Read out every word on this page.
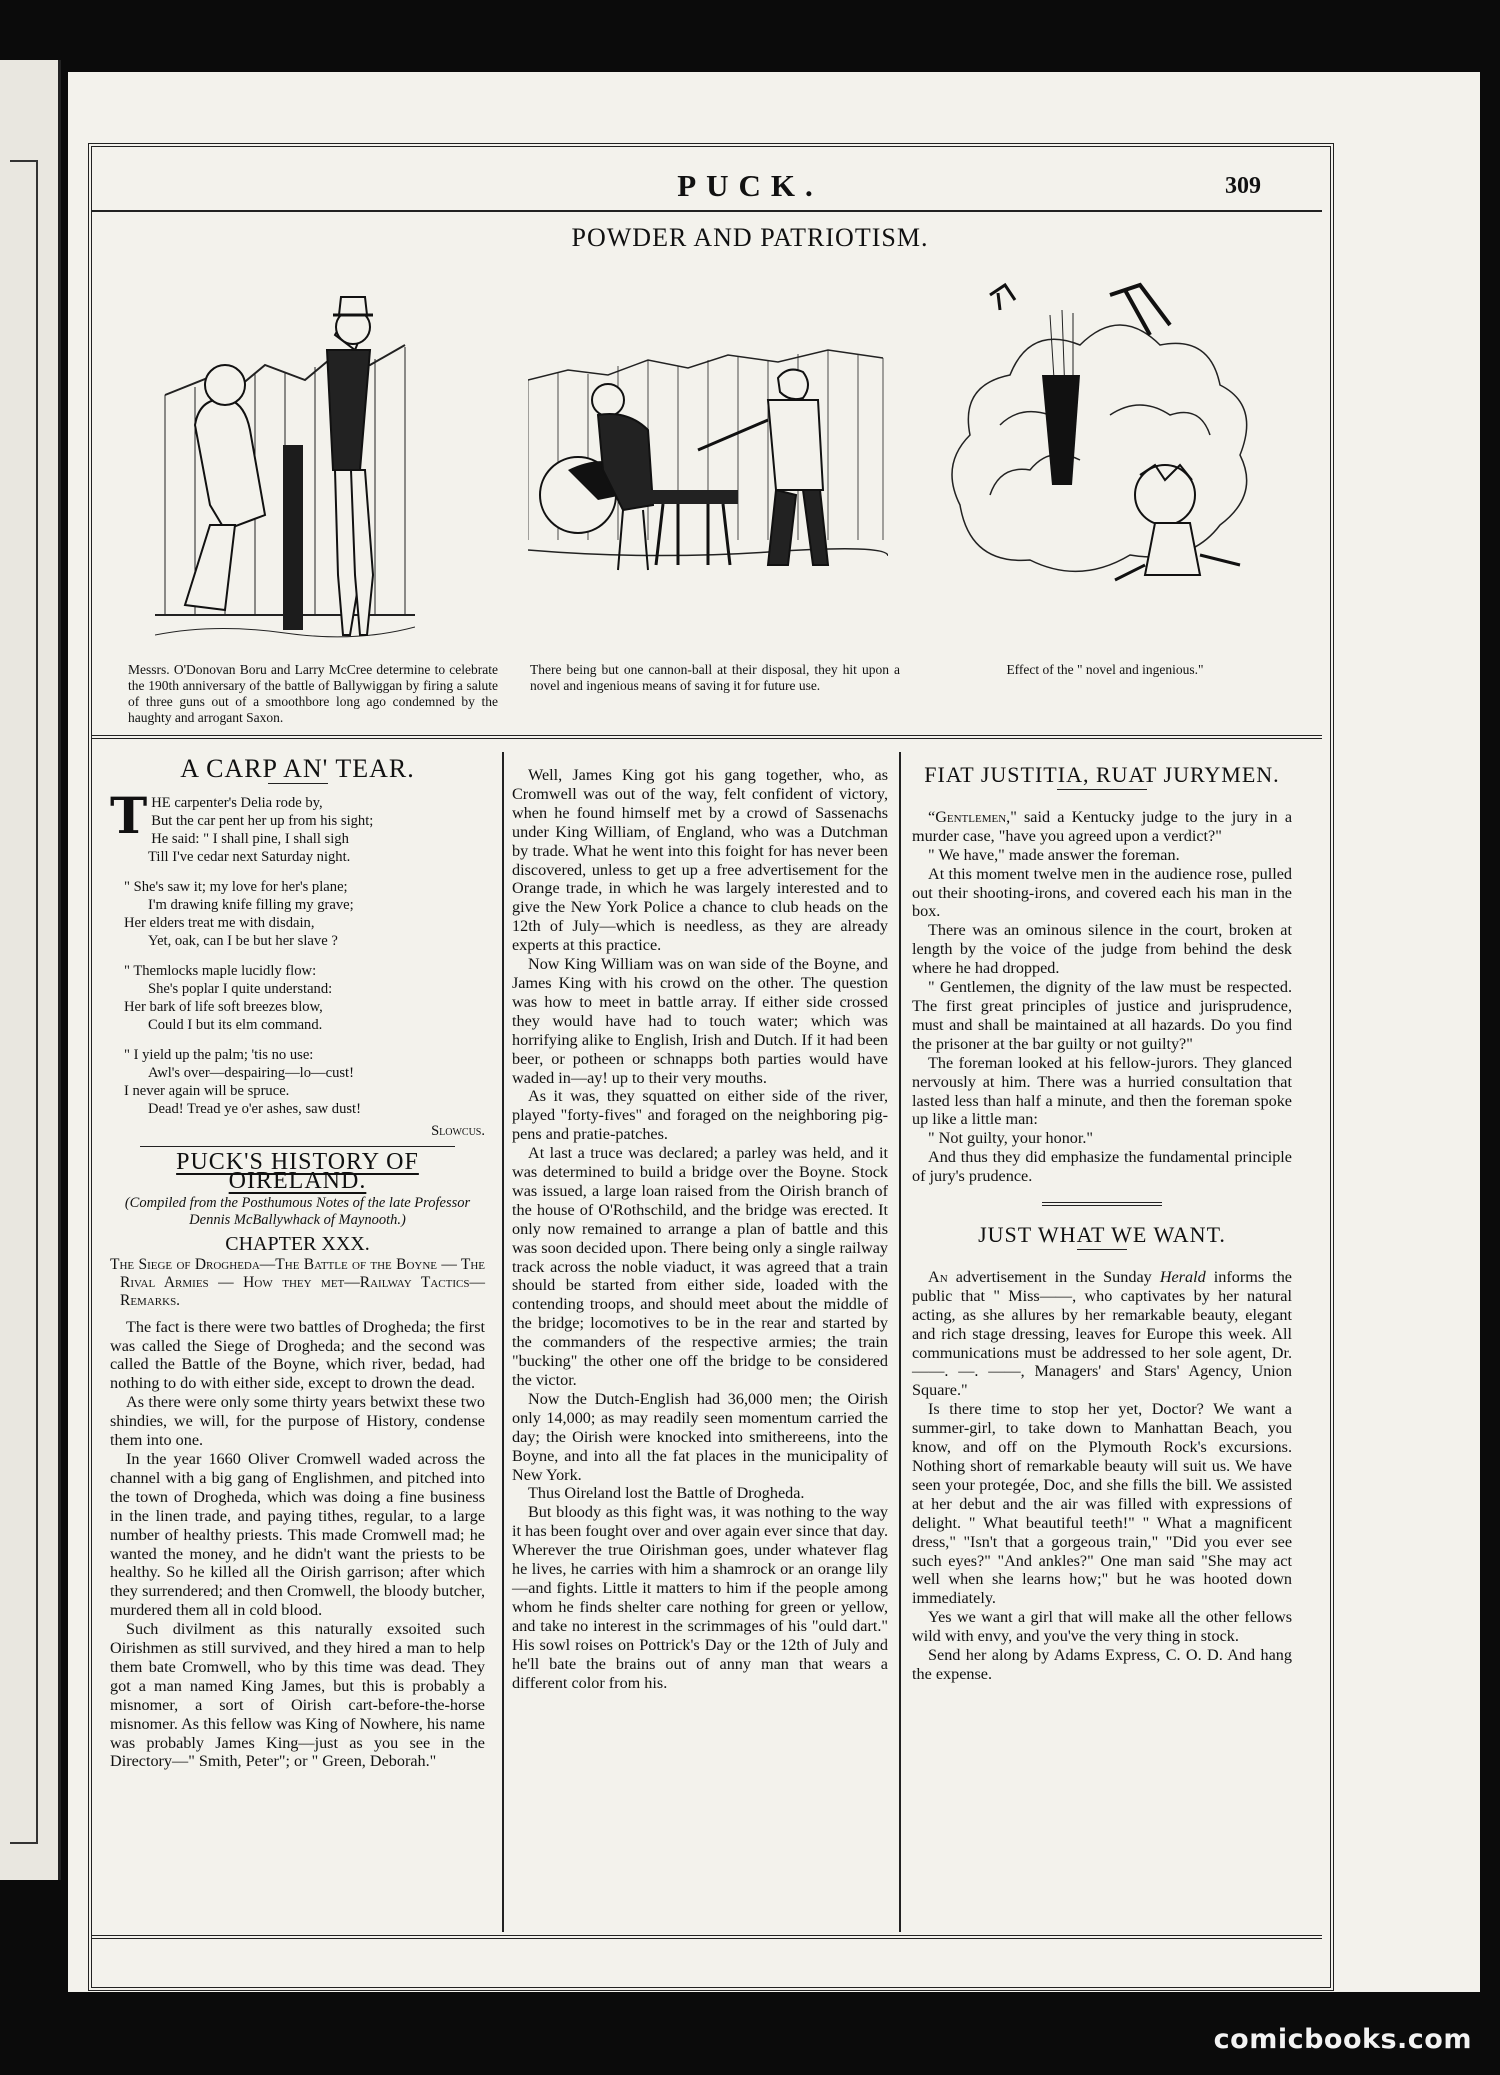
PUCK.	309
POWDER AND PATRIOTISM.
Messrs. O'Donovan Boru and Larry McCree determine to celebrate the 190th anniversary of the battle of Ballywiggan by firing a salute of three guns out of a smoothbore long ago condemned by the haughty and arrogant Saxon.
There being but one cannon-ball at their disposal, they hit upon a novel and ingenious means of saving it for future use.
Effect of the " novel and ingenious."
A CARP AN' TEAR.
T HE carpenter's Delia rode by,
But the car pent her up from his sight;
He said: " I shall pine, I shall sigh
Till I've cedar next Saturday night.
" She's saw it; my love for her's plane;
I'm drawing knife filling my grave;
Her elders treat me with disdain,
Yet, oak, can I be but her slave ?
" Themlocks maple lucidly flow:
She's poplar I quite understand:
Her bark of life soft breezes blow,
Could I but its elm command.
" I yield up the palm; 'tis no use:
Awl's over—despairing—lo—cust!
I never again will be spruce.
Dead! Tread ye o'er ashes, saw dust!
Slowcus.
PUCK'S HISTORY OF OIRELAND.
(Compiled from the Posthumous Notes of the late Professor Dennis McBallywhack of Maynooth.)
CHAPTER XXX.
The Siege of Drogheda—The Battle of the Boyne — The Rival Armies — How they met—Railway Tactics—Remarks.

The fact is there were two battles of Drogheda; the first was called the Siege of Drogheda; and the second was called the Battle of the Boyne, which river, bedad, had nothing to do with either side, except to drown the dead.

As there were only some thirty years betwixt these two shindies, we will, for the purpose of History, condense them into one.

In the year 1660 Oliver Cromwell waded across the channel with a big gang of Englishmen, and pitched into the town of Drogheda, which was doing a fine business in the linen trade, and paying tithes, regular, to a large number of healthy priests. This made Cromwell mad; he wanted the money, and he didn't want the priests to be healthy. So he killed all the Oirish garrison; after which they surrendered; and then Cromwell, the bloody butcher, murdered them all in cold blood.

Such divilment as this naturally exsoited such Oirishmen as still survived, and they hired a man to help them bate Cromwell, who by this time was dead. They got a man named King James, but this is probably a misnomer, a sort of Oirish cart-before-the-horse misnomer. As this fellow was King of Nowhere, his name was probably James King—just as you see in the Directory—" Smith, Peter"; or " Green, Deborah."

Well, James King got his gang together, who, as Cromwell was out of the way, felt confident of victory, when he found himself met by a crowd of Sassenachs under King William, of England, who was a Dutchman by trade. What he went into this foight for has never been discovered, unless to get up a free advertisement for the Orange trade, in which he was largely interested and to give the New York Police a chance to club heads on the 12th of July—which is needless, as they are already experts at this practice.

Now King William was on wan side of the Boyne, and James King with his crowd on the other. The question was how to meet in battle array. If either side crossed they would have had to touch water; which was horrifying alike to English, Irish and Dutch. If it had been beer, or potheen or schnapps both parties would have waded in—ay! up to their very mouths.

As it was, they squatted on either side of the river, played "forty-fives" and foraged on the neighboring pig-pens and pratie-patches.

At last a truce was declared; a parley was held, and it was determined to build a bridge over the Boyne. Stock was issued, a large loan raised from the Oirish branch of the house of O'Rothschild, and the bridge was erected. It only now remained to arrange a plan of battle and this was soon decided upon. There being only a single railway track across the noble viaduct, it was agreed that a train should be started from either side, loaded with the contending troops, and should meet about the middle of the bridge; locomotives to be in the rear and started by the commanders of the respective armies; the train "bucking" the other one off the bridge to be considered the victor.

Now the Dutch-English had 36,000 men; the Oirish only 14,000; as may readily seen momentum carried the day; the Oirish were knocked into smithereens, into the Boyne, and into all the fat places in the municipality of New York.

Thus Oireland lost the Battle of Drogheda.

But bloody as this fight was, it was nothing to the way it has been fought over and over again ever since that day. Wherever the true Oirishman goes, under whatever flag he lives, he carries with him a shamrock or an orange lily—and fights. Little it matters to him if the people among whom he finds shelter care nothing for green or yellow, and take no interest in the scrimmages of his "ould dart." His sowl roises on Pottrick's Day or the 12th of July and he'll bate the brains out of anny man that wears a different color from his.

FIAT JUSTITIA, RUAT JURYMEN.

“Gentlemen," said a Kentucky judge to the jury in a murder case, "have you agreed upon a verdict?"

" We have," made answer the foreman.

At this moment twelve men in the audience rose, pulled out their shooting-irons, and covered each his man in the box.

There was an ominous silence in the court, broken at length by the voice of the judge from behind the desk where he had dropped.

" Gentlemen, the dignity of the law must be respected. The first great principles of justice and jurisprudence, must and shall be maintained at all hazards. Do you find the prisoner at the bar guilty or not guilty?"

The foreman looked at his fellow-jurors. They glanced nervously at him. There was a hurried consultation that lasted less than half a minute, and then the foreman spoke up like a little man:

" Not guilty, your honor."

And thus they did emphasize the fundamental principle of jury's prudence.

JUST WHAT WE WANT.

An advertisement in the Sunday Herald informs the public that " Miss——, who captivates by her natural acting, as she allures by her remarkable beauty, elegant and rich stage dressing, leaves for Europe this week. All communications must be addressed to her sole agent, Dr. ——. —. ——, Managers' and Stars' Agency, Union Square."

Is there time to stop her yet, Doctor? We want a summer-girl, to take down to Manhattan Beach, you know, and off on the Plymouth Rock's excursions. Nothing short of remarkable beauty will suit us. We have seen your protegée, Doc, and she fills the bill. We assisted at her debut and the air was filled with expressions of delight. " What beautiful teeth!" " What a magnificent dress," "Isn't that a gorgeous train," "Did you ever see such eyes?" "And ankles?" One man said "She may act well when she learns how;" but he was hooted down immediately.

Yes we want a girl that will make all the other fellows wild with envy, and you've the very thing in stock.

Send her along by Adams Express, C. O. D. And hang the expense.

comicbooks.com
